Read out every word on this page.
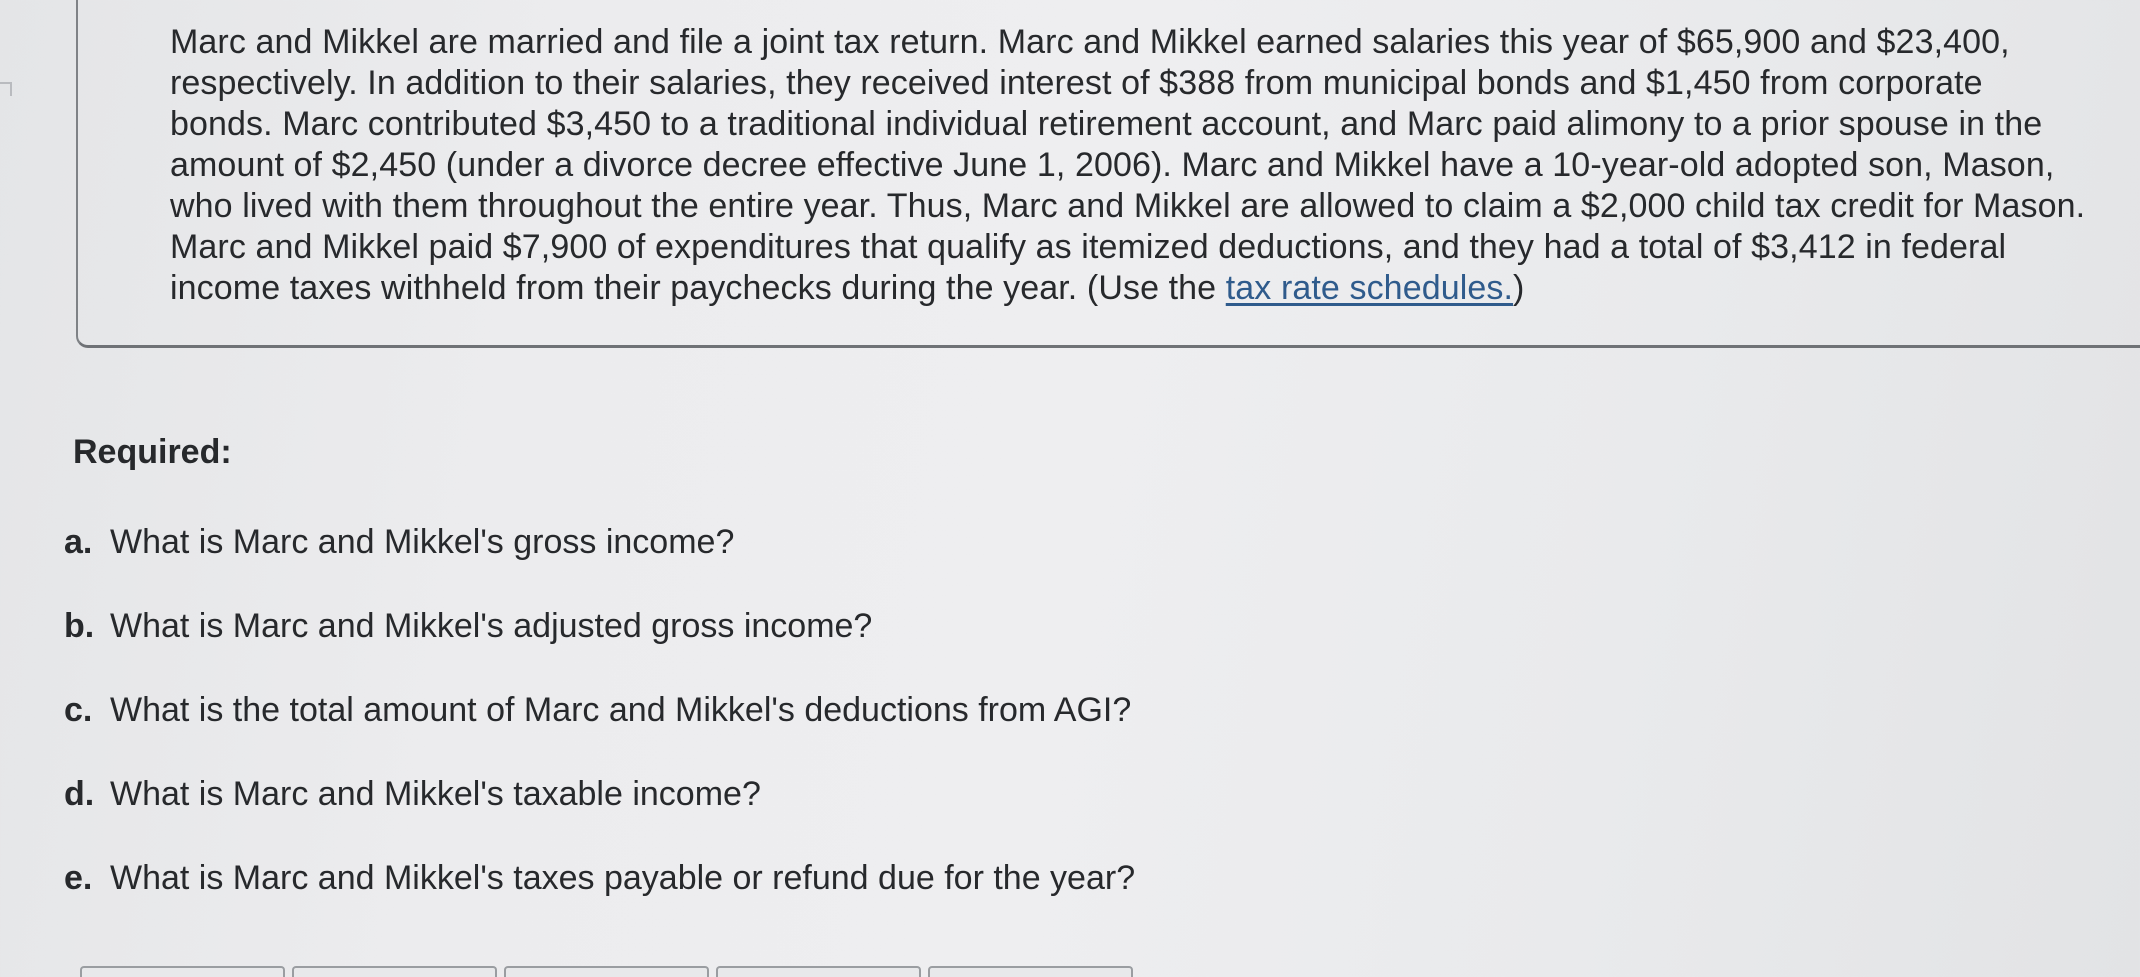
Marc and Mikkel are married and file a joint tax return. Marc and Mikkel earned salaries this year of $65,900 and $23,400, respectively. In addition to their salaries, they received interest of $388 from municipal bonds and $1,450 from corporate bonds. Marc contributed $3,450 to a traditional individual retirement account, and Marc paid alimony to a prior spouse in the amount of $2,450 (under a divorce decree effective June 1, 2006). Marc and Mikkel have a 10-year-old adopted son, Mason, who lived with them throughout the entire year. Thus, Marc and Mikkel are allowed to claim a $2,000 child tax credit for Mason. Marc and Mikkel paid $7,900 of expenditures that qualify as itemized deductions, and they had a total of $3,412 in federal income taxes withheld from their paychecks during the year. (Use the tax rate schedules.)

Required:
a. What is Marc and Mikkel's gross income?
b. What is Marc and Mikkel's adjusted gross income?
c. What is the total amount of Marc and Mikkel's deductions from AGI?
d. What is Marc and Mikkel's taxable income?
e. What is Marc and Mikkel's taxes payable or refund due for the year?
